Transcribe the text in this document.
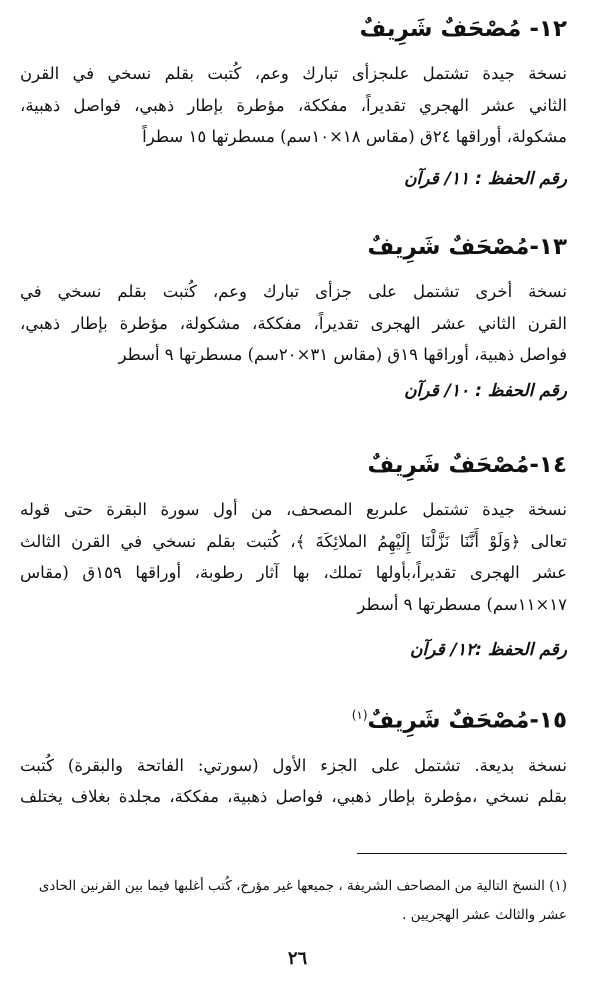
١٢- مُصْحَفٌ شَرِيفٌ

نسخة جيدة تشتمل علىجزأى تبارك وعم، كُتبت بقلم نسخي في القرن
الثاني عشر الهجري تقديراً، مفككة، مؤطرة بإطار ذهبي، فواصل ذهبية،
مشكولة، أوراقها ٢٤ق (مقاس ١٨×١٠سم) مسطرتها ١٥ سطراً

رقم الحفظ : ١١/ قرآن

١٣-مُصْحَفٌ شَرِيفٌ

نسخة أخرى تشتمل على جزأى تبارك وعم، كُتبت بقلم نسخي في
القرن الثاني عشر الهجرى تقديراً، مفككة، مشكولة، مؤطرة بإطار ذهبي،
فواصل ذهبية، أوراقها ١٩ق (مقاس ٣١×٢٠سم) مسطرتها ٩ أسطر

رقم الحفظ : ١٠/ قرآن

١٤-مُصْحَفٌ شَرِيفٌ

نسخة جيدة تشتمل علىربع المصحف، من أول سورة البقرة حتى قوله
تعالى ﴿وَلَوْ أَنَّنَا نَزَّلْنَا إِلَيْهِمُ الملائِكَةَ ﴾، كُتبت بقلم نسخي في القرن الثالث
عشر الهجرى تقديراً،بأولها تملك، بها آثار رطوبة، أوراقها ١٥٩ق (مقاس
١٧×١١سم) مسطرتها ٩ أسطر

رقم الحفظ :١٢/ قرآن

١٥-مُصْحَفٌ شَرِيفٌ$^{(١)}$

نسخة بديعة. تشتمل على الجزء الأول (سورتي: الفاتحة والبقرة) كُتبت
بقلم نسخي ،مؤطرة بإطار ذهبي، فواصل ذهبية، مفككة، مجلدة بغلاف يختلف
(١) النسخ التالية من المصاحف الشريفة ، جميعها غير مؤرخ، كُتب أغلبها فيما بين القرنين الحادى
عشر والثالث عشر الهجريين .
٢٦
